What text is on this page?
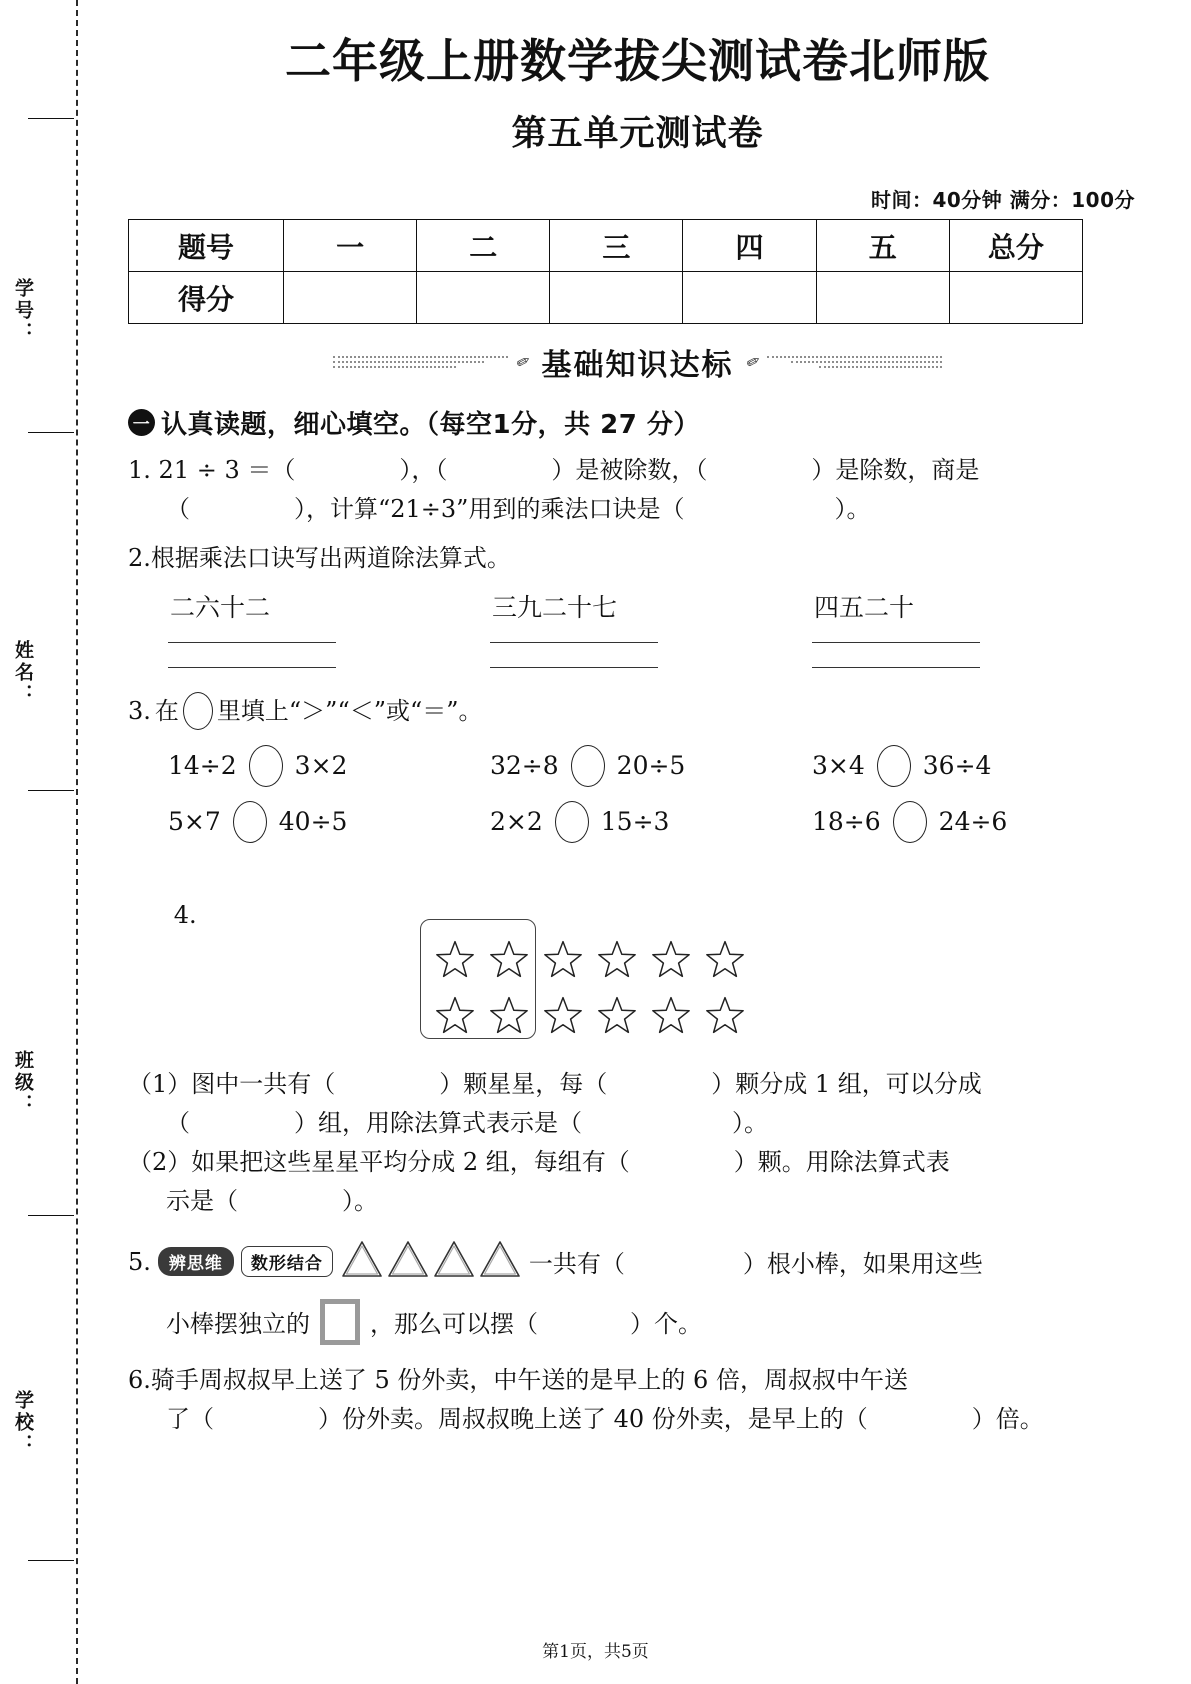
学号：
姓名：
班级：
学校：
二年级上册数学拔尖测试卷北师版
第五单元测试卷
时间：40分钟 满分：100分
题号	一	二	三	四	五	总分
得分						
✐ 基础知识达标 ✐
一 认真读题，细心填空。（每空1分，共 27 分）
1. 21 ÷ 3 ＝（	），（	）是被除数，（	）是除数，商是
（	），计算“21÷3”用到的乘法口诀是（	）。
2.根据乘法口诀写出两道除法算式。
二六十二	三九二十七	四五二十
3. 在 里填上“＞”“＜”或“＝”。
14÷2 3×2	32÷8 20÷5	3×4 36÷4
5×7 40÷5	2×2 15÷3	18÷6 24÷6

4.

（1）图中一共有（	）颗星星，每（	）颗分成 1 组，可以分成
（	）组，用除法算式表示是（	）。
（2）如果把这些星星平均分成 2 组，每组有（	）颗。用除法算式表
示是（	）。
5.	辨思维	数形结合	一共有（	）根小棒，如果用这些
小棒摆独立的	，那么可以摆（	）个。
6.骑手周叔叔早上送了 5 份外卖，中午送的是早上的 6 倍，周叔叔中午送
了（	）份外卖。周叔叔晚上送了 40 份外卖，是早上的（	）倍。
第1页，共5页
